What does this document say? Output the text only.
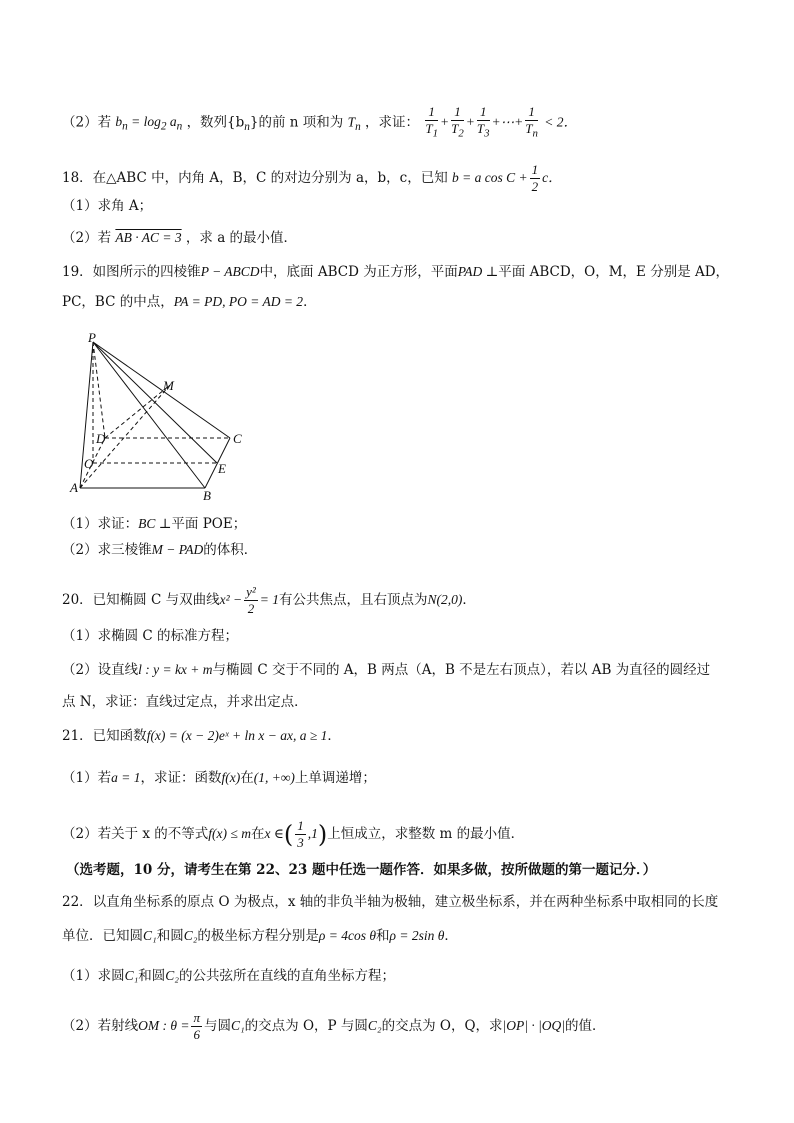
（2）若 $b_n = \log_2 a_n$ ，数列$\{b_n\}$的前 n 项和为 $T_n$ ，求证： $\frac{1}{T_1} + \frac{1}{T_2} + \frac{1}{T_3}$ +⋯+ $\frac{1}{T_n} < 2$．
18．在△ABC 中，内角 A，B，C 的对边分别为 a，b，c，已知 b = a $\cos C + \frac{1}{2}$ c．
（1）求角 A；
（2）若 AB · AC = 3 ，求 a 的最小值．
19．如图所示的四棱锥P − ABCD中，底面 ABCD 为正方形，平面PAD ⊥平面 ABCD，O，M，E 分别是 AD，
PC，BC 的中点，PA = PD, PO = AD = 2．
P
M
D	C
O	E
A
B
（1）求证：BC ⊥平面 POE；
（2）求三棱锥M − PAD的体积．
20．已知椭圆 C 与双曲线$x^2 - \frac{\text{y²}}{2} = 1$有公共焦点，且右顶点为N(2,0)．
（1）求椭圆 C 的标准方程；
（2）设直线l : y = kx + m与椭圆 C 交于不同的 A，B 两点（A，B 不是左右顶点），若以 AB 为直径的圆经过
点 N，求证：直线过定点，并求出定点．
21．已知函数f(x) = (x − 2)eˣ + ln x − ax, a ≥ 1．
（1）若a = 1，求证：函数f(x)在(1, +∞)上单调递增；
（2）若关于 x 的不等式f(x) ≤ m在x ∈( $\frac{1}{3} ,1$)上恒成立，求整数 m 的最小值．
（选考题，10 分，请考生在第 22、23 题中任选一题作答．如果多做，按所做题的第一题记分．）
22．以直角坐标系的原点 O 为极点，x 轴的非负半轴为极轴，建立极坐标系，并在两种坐标系中取相同的长度
单位．已知圆C₁和圆C₂的极坐标方程分别是ρ = 4cos θ和ρ = 2sin θ．
（1）求圆C₁和圆C₂的公共弦所在直线的直角坐标方程；
（2）若射线OM : $\theta = \frac{\pi}{6}$ 与圆C₁的交点为 O，P 与圆C₂的交点为 O，Q，求|OP| · |OQ|的值．
